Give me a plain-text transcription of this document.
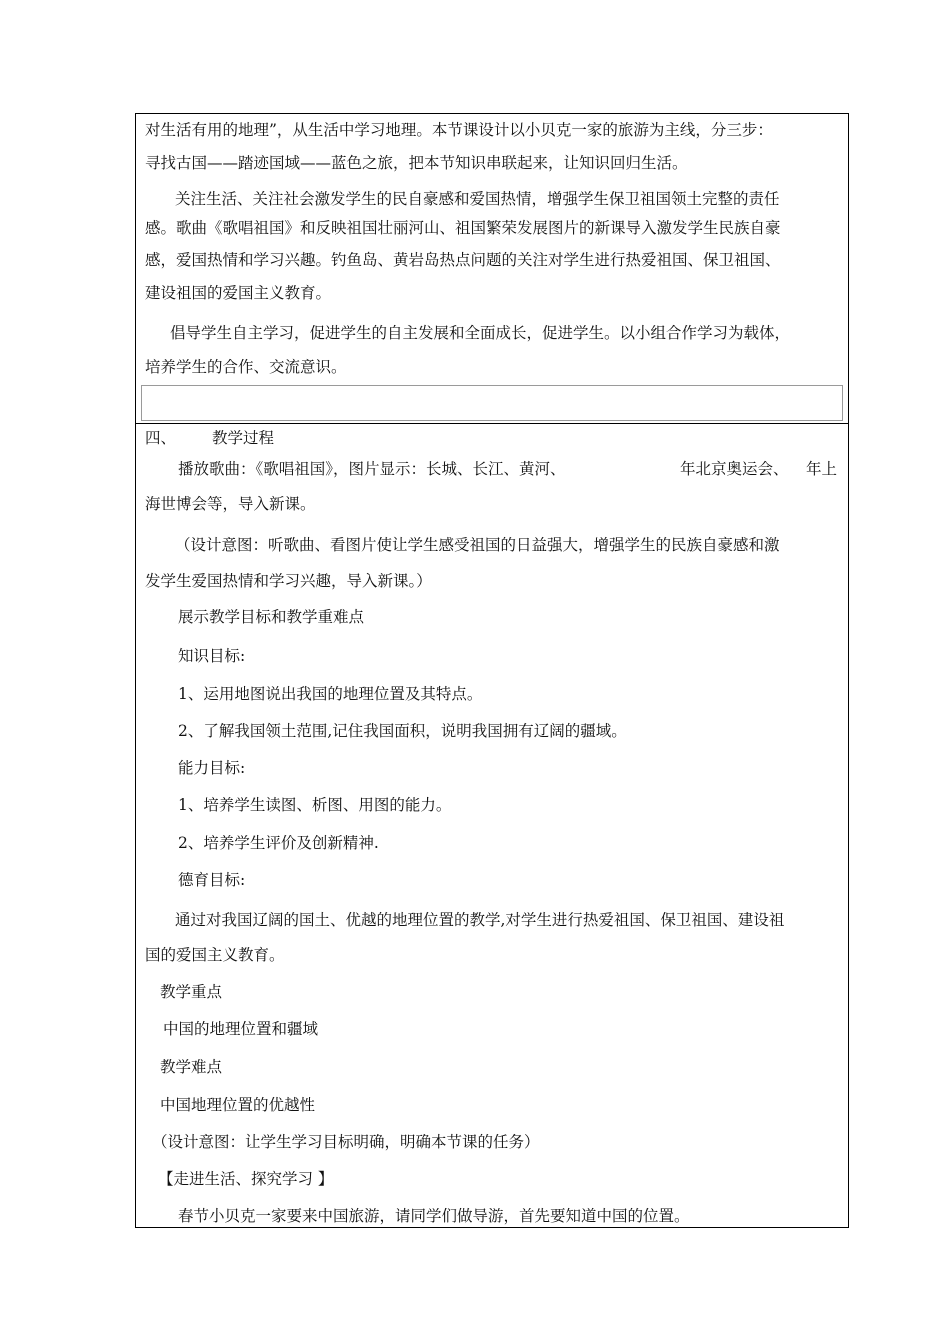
对生活有用的地理”，从生活中学习地理。本节课设计以小贝克一家的旅游为主线，分三步：
寻找古国——踏迹国域——蓝色之旅，把本节知识串联起来，让知识回归生活。
关注生活、关注社会激发学生的民自豪感和爱国热情，增强学生保卫祖国领土完整的责任
感。歌曲《歌唱祖国》和反映祖国壮丽河山、祖国繁荣发展图片的新课导入激发学生民族自豪
感，爱国热情和学习兴趣。钓鱼岛、黄岩岛热点问题的关注对学生进行热爱祖国、保卫祖国、
建设祖国的爱国主义教育。
倡导学生自主学习，促进学生的自主发展和全面成长，促进学生。以小组合作学习为载体，
培养学生的合作、交流意识。
四、 教学过程
播放歌曲：《歌唱祖国》，图片显示：长城、长江、黄河、	年北京奥运会、 年上
海世博会等，导入新课。
（设计意图：听歌曲、看图片使让学生感受祖国的日益强大，增强学生的民族自豪感和激
发学生爱国热情和学习兴趣，导入新课。）
展示教学目标和教学重难点
知识目标:
1、运用地图说出我国的地理位置及其特点。
2、了解我国领土范围,记住我国面积，说明我国拥有辽阔的疆域。
能力目标:
1、培养学生读图、析图、用图的能力。
2、培养学生评价及创新精神.
德育目标:
通过对我国辽阔的国土、优越的地理位置的教学,对学生进行热爱祖国、保卫祖国、建设祖
国的爱国主义教育。
教学重点
中国的地理位置和疆域
教学难点
中国地理位置的优越性
（设计意图：让学生学习目标明确，明确本节课的任务）
【走进生活、探究学习 】
春节小贝克一家要来中国旅游，请同学们做导游，首先要知道中国的位置。
